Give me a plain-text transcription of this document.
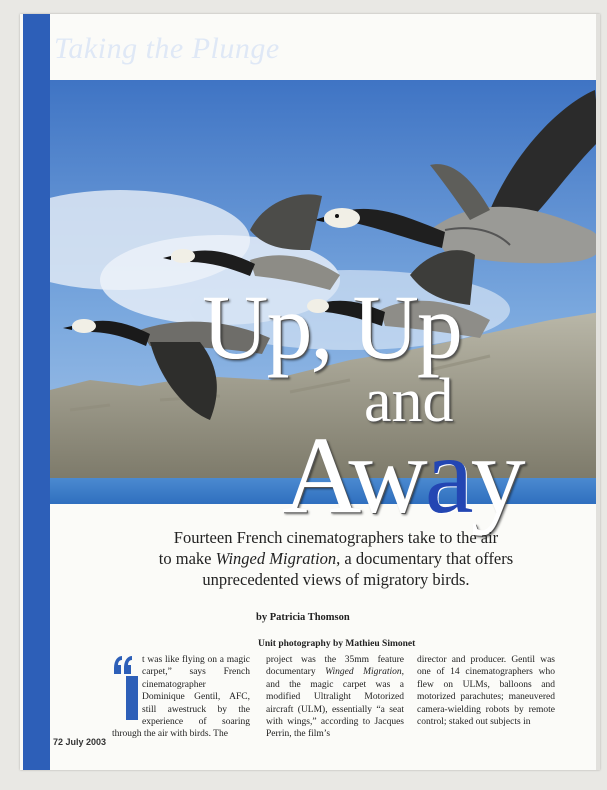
Taking the Plunge
Up, Up
and
Away
Fourteen French cinematographers take to the air
to make Winged Migration, a documentary that offers
unprecedented views of migratory birds.
by Patricia Thomson
Unit photography by Mathieu Simonet
t was like flying on a magic carpet,” says French cinematographer Dominique Gentil, AFC, still awestruck by the experience of soaring through the air with birds. The
project was the 35mm feature documentary Winged Migration, and the magic carpet was a modified Ultralight Motorized aircraft (ULM), essentially “a seat with wings,” according to Jacques Perrin, the film’s
director and producer. Gentil was one of 14 cinematographers who flew on ULMs, balloons and motorized parachutes; maneuvered camera-wielding robots by remote control; staked out subjects in
72 July 2003
